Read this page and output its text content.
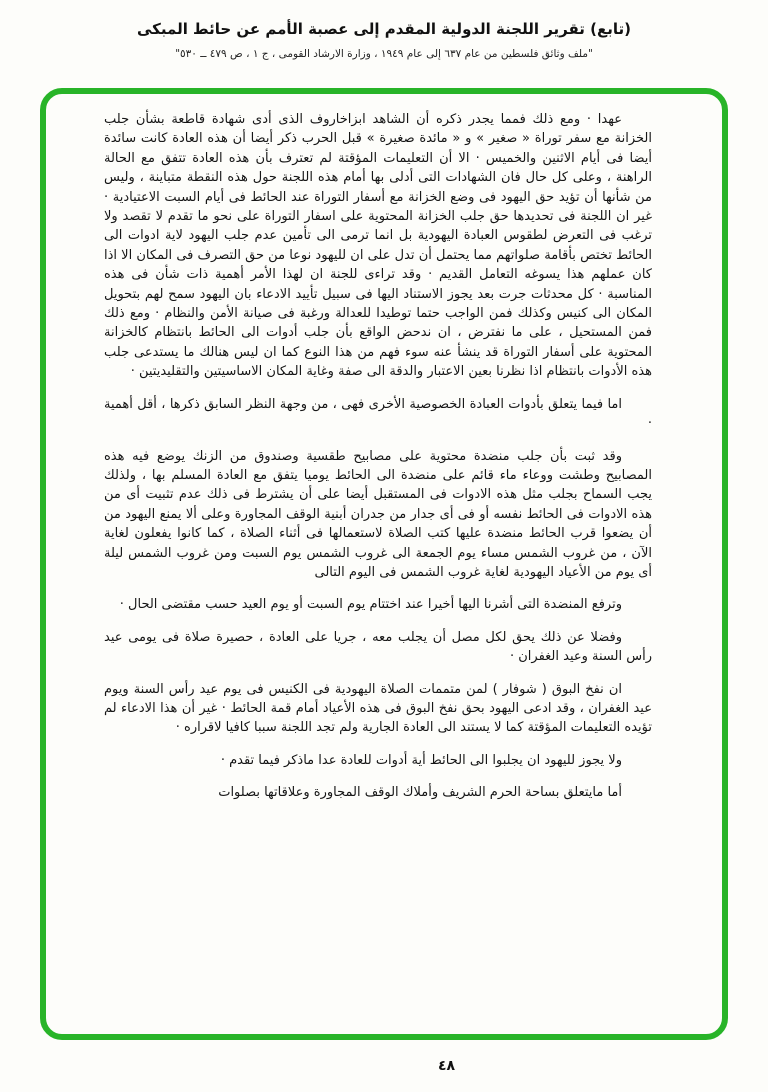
(تابع) تقرير اللجنة الدولية المقدم إلى عصبة الأمم عن حائط المبكى
"ملف وثائق فلسطين من عام ٦٣٧ إلى عام ١٩٤٩ ، وزارة الارشاد القومى ، ج ١ ، ص ٤٧٩ ــ ٥٣٠"

عهدا · ومع ذلك فمما يجدر ذكره أن الشاهد ابزاخاروف الذى أدى شهادة قاطعة بشأن جلب الخزانة مع سفر توراة « صغير » و « مائدة صغيرة » قبل الحرب ذكر أيضا أن هذه العادة كانت سائدة أيضا فى أيام الاثنين والخميس · الا أن التعليمات المؤقتة لم تعترف بأن هذه العادة تتفق مع الحالة الراهنة ، وعلى كل حال فان الشهادات التى أدلى بها أمام هذه اللجنة حول هذه النقطة متباينة ، وليس من شأنها أن تؤيد حق اليهود فى وضع الخزانة مع أسفار التوراة عند الحائط فى أيام السبت الاعتيادية · غير ان اللجنة فى تحديدها حق جلب الخزانة المحتوية على اسفار التوراة على نحو ما تقدم لا تقصد ولا ترغب فى التعرض لطقوس العبادة اليهودية بل انما ترمى الى تأمين عدم جلب اليهود لاية ادوات الى الحائط تختص بأقامة صلواتهم مما يحتمل أن تدل على ان لليهود نوعا من حق التصرف فى المكان الا اذا كان عملهم هذا يسوغه التعامل القديم · وقد تراءى للجنة ان لهذا الأمر أهمية ذات شأن فى هذه المناسبة · كل محدثات جرت بعد يجوز الاستناد اليها فى سبيل تأييد الادعاء بان اليهود سمح لهم بتحويل المكان الى كنيس وكذلك فمن الواجب حتما توطيدا للعدالة ورغبة فى صيانة الأمن والنظام · ومع ذلك فمن المستحيل ، على ما نفترض ، ان ندحض الواقع بأن جلب أدوات الى الحائط بانتظام كالخزانة المحتوية على أسفار التوراة قد ينشأ عنه سوء فهم من هذا النوع كما ان ليس هنالك ما يستدعى جلب هذه الأدوات بانتظام اذا نظرنا بعين الاعتبار والدقة الى صفة وغاية المكان الاساسيتين والتقليديتين ·

اما فيما يتعلق بأدوات العبادة الخصوصية الأخرى فهى ، من وجهة النظر السابق ذكرها ، أقل أهمية ·

وقد ثبت بأن جلب منضدة محتوية على مصابيح طقسية وصندوق من الزنك يوضع فيه هذه المصابيح وطشت ووعاء ماء قائم على منضدة الى الحائط يوميا يتفق مع العادة المسلم بها ، ولذلك يجب السماح بجلب مثل هذه الادوات فى المستقبل أيضا على أن يشترط فى ذلك عدم تثبيت أى من هذه الادوات فى الحائط نفسه أو فى أى جدار من جدران أبنية الوقف المجاورة وعلى ألا يمنع اليهود من أن يضعوا قرب الحائط منضدة عليها كتب الصلاة لاستعمالها فى أثناء الصلاة ، كما كانوا يفعلون لغاية الآن ، من غروب الشمس مساء يوم الجمعة الى غروب الشمس يوم السبت ومن غروب الشمس ليلة أى يوم من الأعياد اليهودية لغاية غروب الشمس فى اليوم التالى

وترفع المنضدة التى أشرنا اليها أخيرا عند اختتام يوم السبت أو يوم العيد حسب مقتضى الحال ·

وفضلا عن ذلك يحق لكل مصل أن يجلب معه ، جريا على العادة ، حصيرة صلاة فى يومى عيد رأس السنة وعيد الغفران ·

ان نفخ البوق ( شوفار ) لمن متممات الصلاة اليهودية فى الكنيس فى يوم عيد رأس السنة ويوم عيد الغفران ، وقد ادعى اليهود بحق نفخ البوق فى هذه الأعياد أمام قمة الحائط · غير أن هذا الادعاء لم تؤيده التعليمات المؤقتة كما لا يستند الى العادة الجارية ولم تجد اللجنة سببا كافيا لاقراره ·

ولا يجوز لليهود ان يجلبوا الى الحائط أية أدوات للعادة عدا ماذكر فيما تقدم ·

أما مايتعلق بساحة الحرم الشريف وأملاك الوقف المجاورة وعلاقاتها بصلوات

٤٨
